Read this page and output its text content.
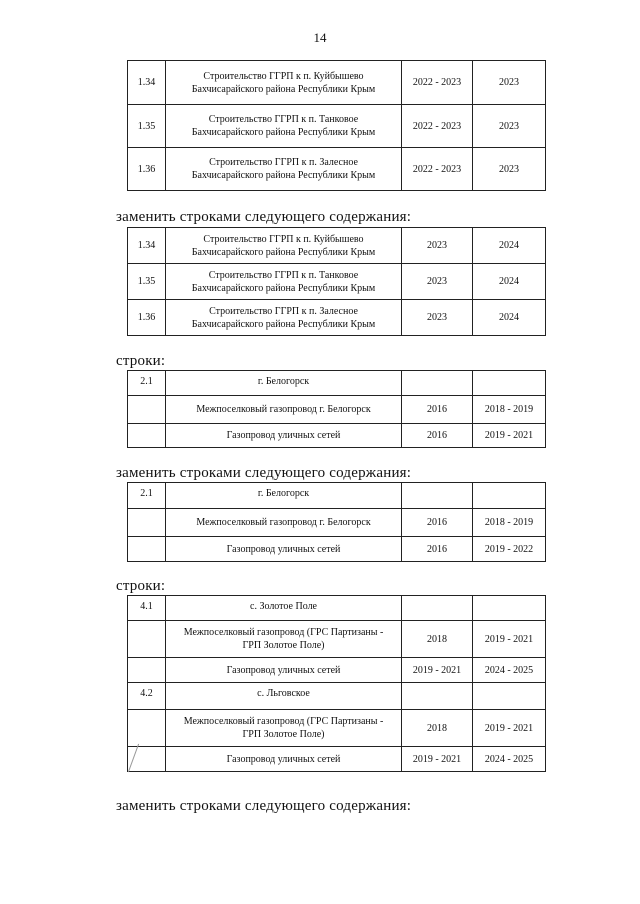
14
1.34	Строительство ГГРП к п. Куйбышево
Бахчисарайского района Республики Крым	2022 - 2023	2023
1.35	Строительство ГГРП к п. Танковое
Бахчисарайского района Республики Крым	2022 - 2023	2023
1.36	Строительство ГГРП к п. Залесное
Бахчисарайского района Республики Крым	2022 - 2023	2023
заменить строками следующего содержания:
1.34	Строительство ГГРП к п. Куйбышево
Бахчисарайского района Республики Крым	2023	2024
1.35	Строительство ГГРП к п. Танковое
Бахчисарайского района Республики Крым	2023	2024
1.36	Строительство ГГРП к п. Залесное
Бахчисарайского района Республики Крым	2023	2024
строки:
2.1	г. Белогорск		
	Межпоселковый газопровод г. Белогорск	2016	2018 - 2019
	Газопровод уличных сетей	2016	2019 - 2021
заменить строками следующего содержания:
2.1	г. Белогорск		
	Межпоселковый газопровод г. Белогорск	2016	2018 - 2019
	Газопровод уличных сетей	2016	2019 - 2022
строки:
4.1	с. Золотое Поле		
	Межпоселковый газопровод (ГРС Партизаны -
ГРП Золотое Поле)	2018	2019 - 2021
	Газопровод уличных сетей	2019 - 2021	2024 - 2025
4.2	с. Льговское		
	Межпоселковый газопровод (ГРС Партизаны -
ГРП Золотое Поле)	2018	2019 - 2021
	Газопровод уличных сетей	2019 - 2021	2024 - 2025
заменить строками следующего содержания:
